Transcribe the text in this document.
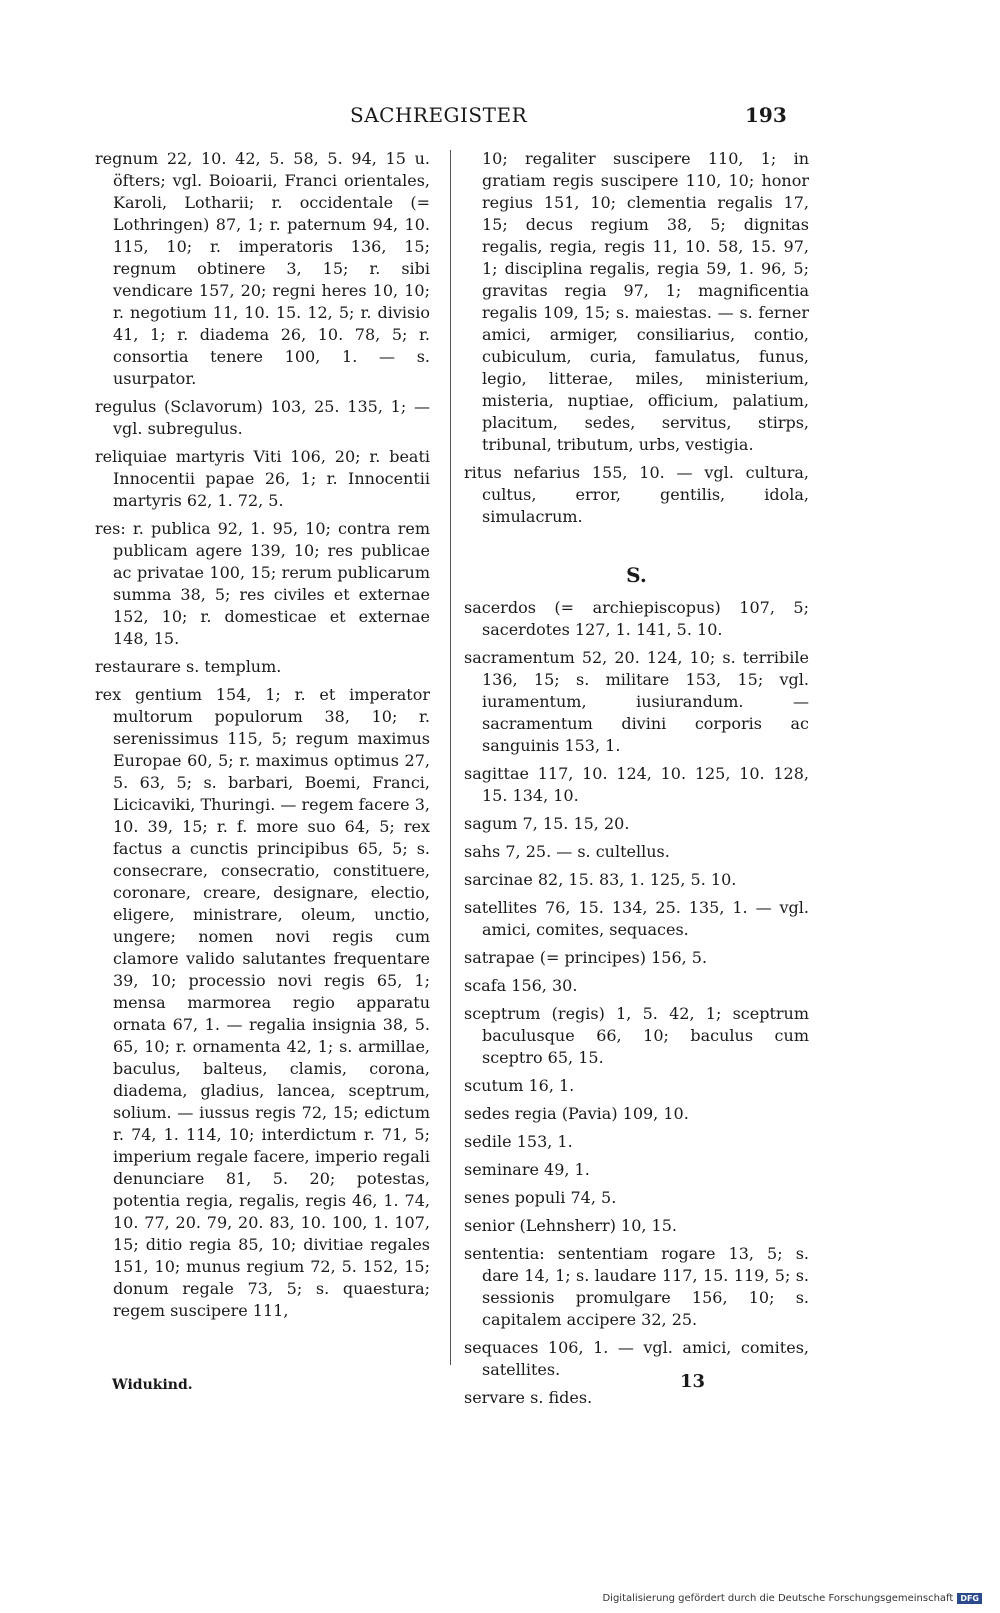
SACHREGISTER	193
regnum 22, 10. 42, 5. 58, 5. 94, 15 u. öfters; vgl. Boioarii, Franci orientales, Karoli, Lotharii; r. occidentale (= Lothringen) 87, 1; r. paternum 94, 10. 115, 10; r. imperatoris 136, 15; regnum obtinere 3, 15; r. sibi vendicare 157, 20; regni heres 10, 10; r. negotium 11, 10. 15. 12, 5; r. divisio 41, 1; r. diadema 26, 10. 78, 5; r. consortia tenere 100, 1. — s. usurpator.
regulus (Sclavorum) 103, 25. 135, 1; — vgl. subregulus.
reliquiae martyris Viti 106, 20; r. beati Innocentii papae 26, 1; r. Innocentii martyris 62, 1. 72, 5.
res: r. publica 92, 1. 95, 10; contra rem publicam agere 139, 10; res publicae ac privatae 100, 15; rerum publicarum summa 38, 5; res civiles et externae 152, 10; r. domesticae et externae 148, 15.
restaurare s. templum.
rex gentium 154, 1; r. et imperator multorum populorum 38, 10; r. serenissimus 115, 5; regum maximus Europae 60, 5; r. maximus optimus 27, 5. 63, 5; s. barbari, Boemi, Franci, Licicaviki, Thuringi. — regem facere 3, 10. 39, 15; r. f. more suo 64, 5; rex factus a cunctis principibus 65, 5; s. consecrare, consecratio, constituere, coronare, creare, designare, electio, eligere, ministrare, oleum, unctio, ungere; nomen novi regis cum clamore valido salutantes frequentare 39, 10; processio novi regis 65, 1; mensa marmorea regio apparatu ornata 67, 1. — regalia insignia 38, 5. 65, 10; r. ornamenta 42, 1; s. armillae, baculus, balteus, clamis, corona, diadema, gladius, lancea, sceptrum, solium. — iussus regis 72, 15; edictum r. 74, 1. 114, 10; interdictum r. 71, 5; imperium regale facere, imperio regali denunciare 81, 5. 20; potestas, potentia regia, regalis, regis 46, 1. 74, 10. 77, 20. 79, 20. 83, 10. 100, 1. 107, 15; ditio regia 85, 10; divitiae regales 151, 10; munus regium 72, 5. 152, 15; donum regale 73, 5; s. quaestura; regem suscipere 111,
10; regaliter suscipere 110, 1; in gratiam regis suscipere 110, 10; honor regius 151, 10; clementia regalis 17, 15; decus regium 38, 5; dignitas regalis, regia, regis 11, 10. 58, 15. 97, 1; disciplina regalis, regia 59, 1. 96, 5; gravitas regia 97, 1; magnificentia regalis 109, 15; s. maiestas. — s. ferner amici, armiger, consiliarius, contio, cubiculum, curia, famulatus, funus, legio, litterae, miles, ministerium, misteria, nuptiae, officium, palatium, placitum, sedes, servitus, stirps, tribunal, tributum, urbs, vestigia.
ritus nefarius 155, 10. — vgl. cultura, cultus, error, gentilis, idola, simulacrum.
S.
sacerdos (= archiepiscopus) 107, 5; sacerdotes 127, 1. 141, 5. 10.
sacramentum 52, 20. 124, 10; s. terribile 136, 15; s. militare 153, 15; vgl. iuramentum, iusiurandum. — sacramentum divini corporis ac sanguinis 153, 1.
sagittae 117, 10. 124, 10. 125, 10. 128, 15. 134, 10.
sagum 7, 15. 15, 20.
sahs 7, 25. — s. cultellus.
sarcinae 82, 15. 83, 1. 125, 5. 10.
satellites 76, 15. 134, 25. 135, 1. — vgl. amici, comites, sequaces.
satrapae (= principes) 156, 5.
scafa 156, 30.
sceptrum (regis) 1, 5. 42, 1; sceptrum baculusque 66, 10; baculus cum sceptro 65, 15.
scutum 16, 1.
sedes regia (Pavia) 109, 10.
sedile 153, 1.
seminare 49, 1.
senes populi 74, 5.
senior (Lehnsherr) 10, 15.
sententia: sententiam rogare 13, 5; s. dare 14, 1; s. laudare 117, 15. 119, 5; s. sessionis promulgare 156, 10; s. capitalem accipere 32, 25.
sequaces 106, 1. — vgl. amici, comites, satellites.
servare s. fides.
Widukind.	13
Digitalisierung gefördert durch die Deutsche Forschungsgemeinschaft DFG
